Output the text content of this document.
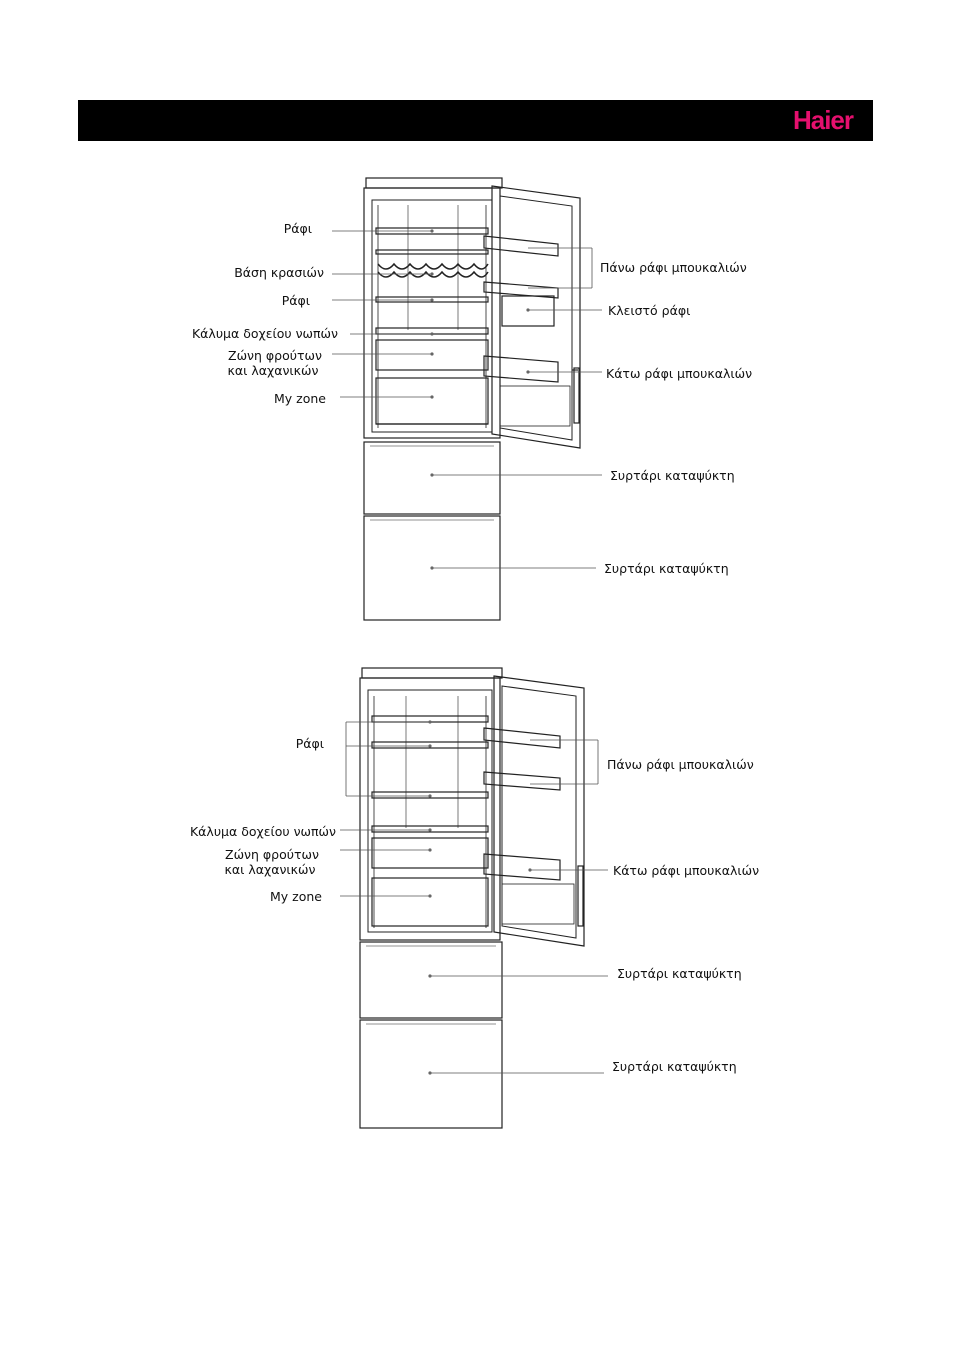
Haier
Ράφι
Βάση κρασιών
Ράφι
Κάλυμα δοχείου νωπών
Ζώνη φρούτων
και λαχανικών
My zone
Πάνω ράφι μπουκαλιών
Κλειστό ράφι
Κάτω ράφι μπουκαλιών
Συρτάρι καταψύκτη
Συρτάρι καταψύκτη
Ράφι
Κάλυμα δοχείου νωπών
Ζώνη φρούτων
και λαχανικών
My zone
Πάνω ράφι μπουκαλιών
Κάτω ράφι μπουκαλιών
Συρτάρι καταψύκτη
Συρτάρι καταψύκτη
